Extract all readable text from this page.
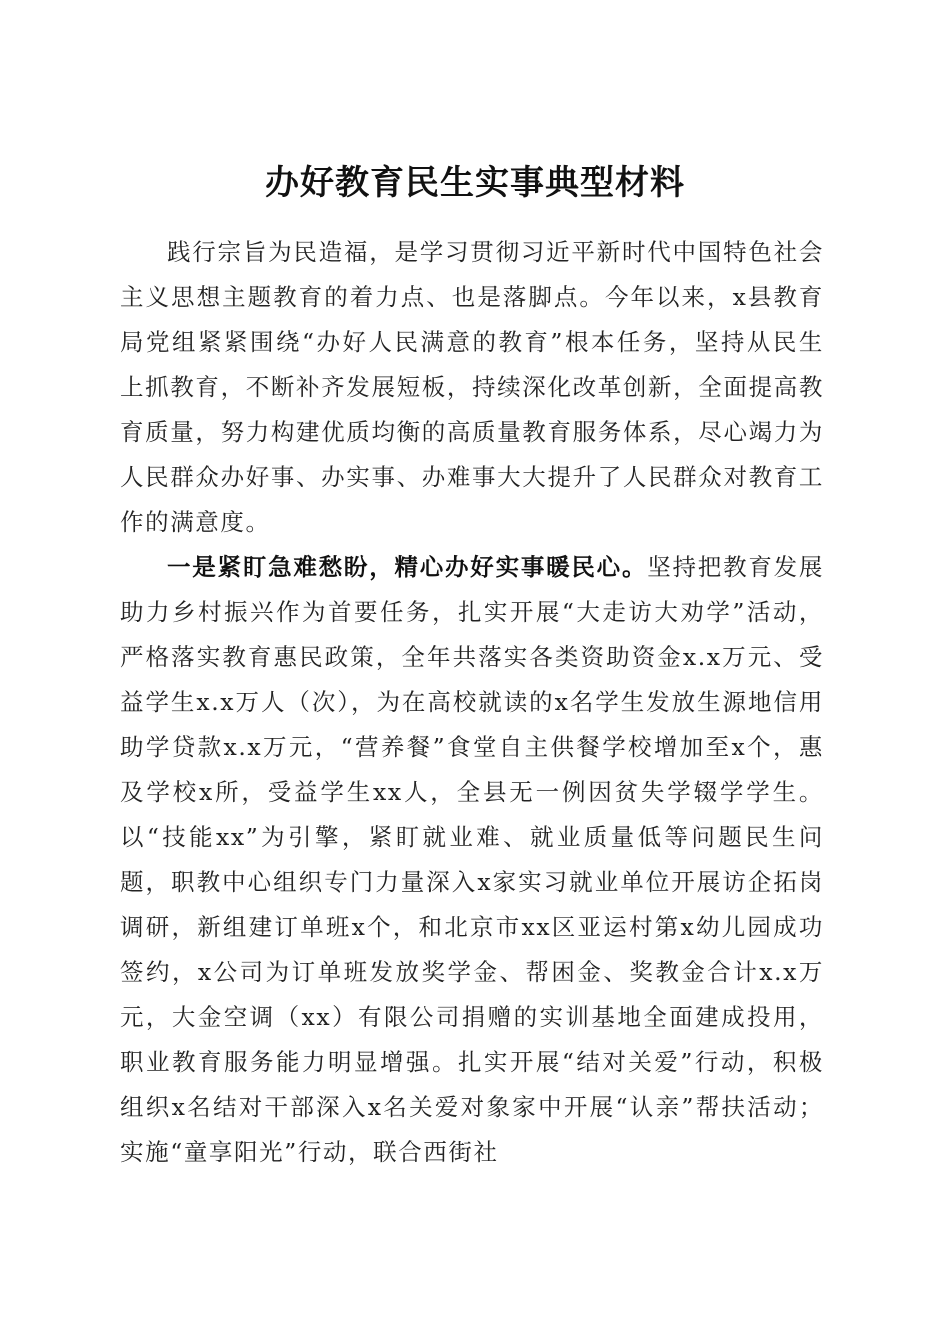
办好教育民生实事典型材料

践行宗旨为民造福，是学习贯彻习近平新时代中国特色社会主义思想主题教育的着力点、也是落脚点。今年以来，x县教育局党组紧紧围绕“办好人民满意的教育”根本任务，坚持从民生上抓教育，不断补齐发展短板，持续深化改革创新，全面提高教育质量，努力构建优质均衡的高质量教育服务体系，尽心竭力为人民群众办好事、办实事、办难事大大提升了人民群众对教育工作的满意度。

一是紧盯急难愁盼，精心办好实事暖民心。坚持把教育发展助力乡村振兴作为首要任务，扎实开展“大走访大劝学”活动，严格落实教育惠民政策，全年共落实各类资助资金x.x万元、受益学生x.x万人（次），为在高校就读的x名学生发放生源地信用助学贷款x.x万元，“营养餐”食堂自主供餐学校增加至x个，惠及学校x所，受益学生xx人，全县无一例因贫失学辍学学生。以“技能xx”为引擎，紧盯就业难、就业质量低等问题民生问题，职教中心组织专门力量深入x家实习就业单位开展访企拓岗调研，新组建订单班x个，和北京市xx区亚运村第x幼儿园成功签约，x公司为订单班发放奖学金、帮困金、奖教金合计x.x万元，大金空调（xx）有限公司捐赠的实训基地全面建成投用，职业教育服务能力明显增强。扎实开展“结对关爱”行动，积极组织x名结对干部深入x名关爱对象家中开展“认亲”帮扶活动；实施“童享阳光”行动，联合西街社
